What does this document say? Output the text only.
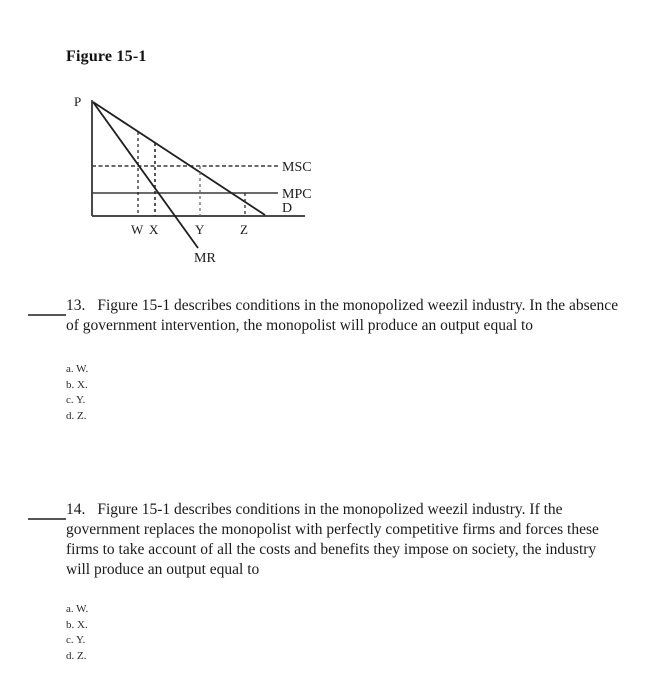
Figure 15-1
P
W X	Y	Z
MSC
MPC
D
MR
13. Figure 15-1 describes conditions in the monopolized weezil industry. In the absence of government intervention, the monopolist will produce an output equal to
a. W.
b. X.
c. Y.
d. Z.
14. Figure 15-1 describes conditions in the monopolized weezil industry. If the government replaces the monopolist with perfectly competitive firms and forces these firms to take account of all the costs and benefits they impose on society, the industry will produce an output equal to
a. W.
b. X.
c. Y.
d. Z.
